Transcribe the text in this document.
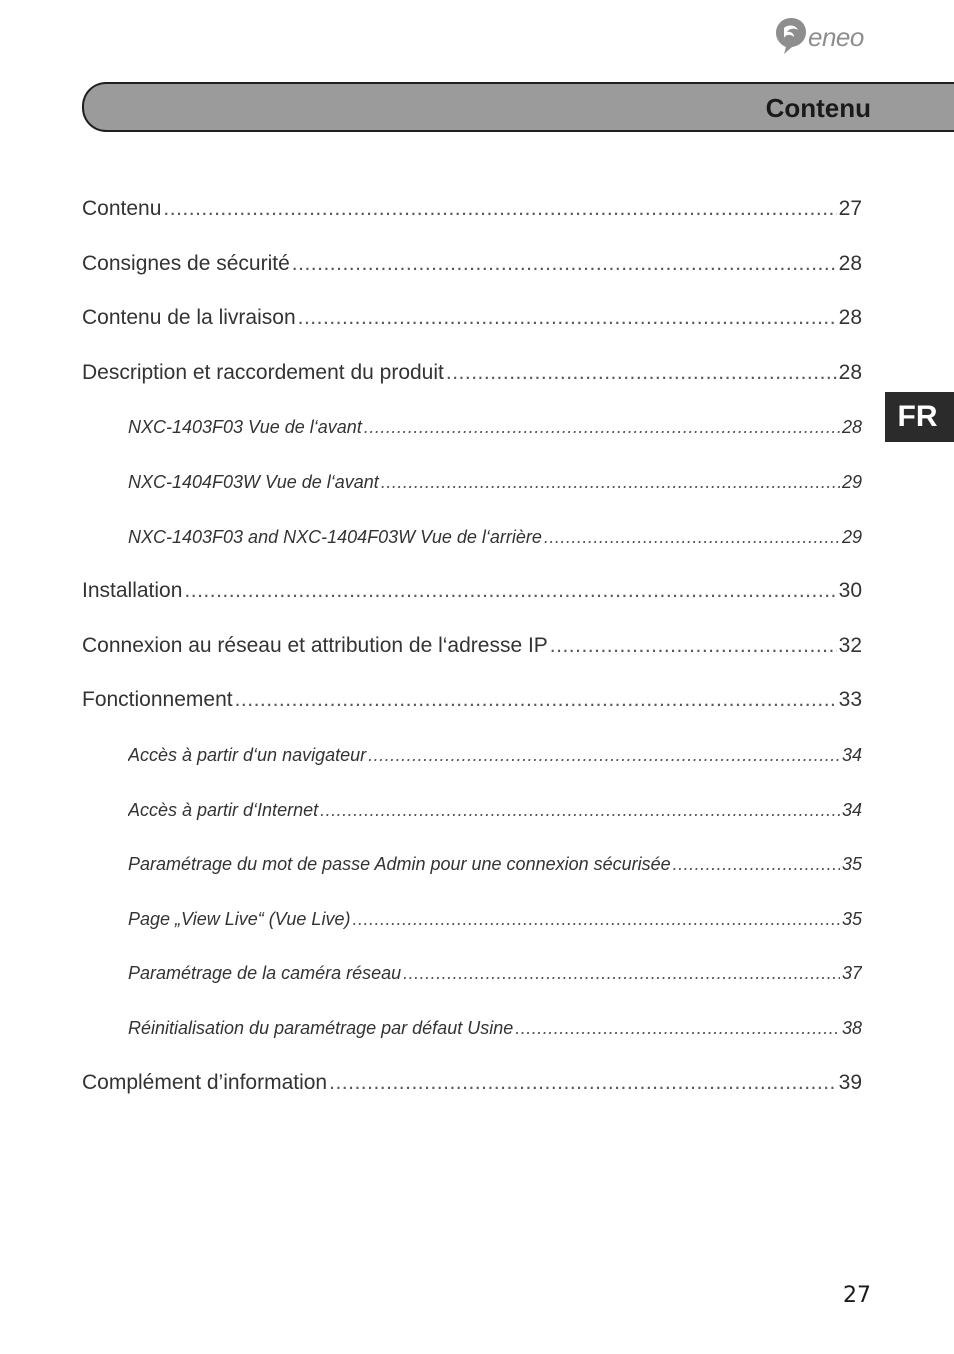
eneo
Contenu
FR
Contenu .....	27
Consignes de sécurité .....	28
Contenu de la livraison .....	28
Description et raccordement du produit .....	28
NXC-1403F03 Vue de l‘avant .....	28
NXC-1404F03W Vue de l‘avant .....	29
NXC-1403F03 and NXC-1404F03W Vue de l‘arrière .....	29
Installation .....	30
Connexion au réseau et attribution de l‘adresse IP .....	32
Fonctionnement .....	33
Accès à partir d‘un navigateur .....	34
Accès à partir d‘Internet .....	34
Paramétrage du mot de passe Admin pour une connexion sécurisée .....	35
Page „View Live“ (Vue Live) .....	35
Paramétrage de la caméra réseau .....	37
Réinitialisation du paramétrage par défaut Usine .....	38
Complément d’information .....	39
27
